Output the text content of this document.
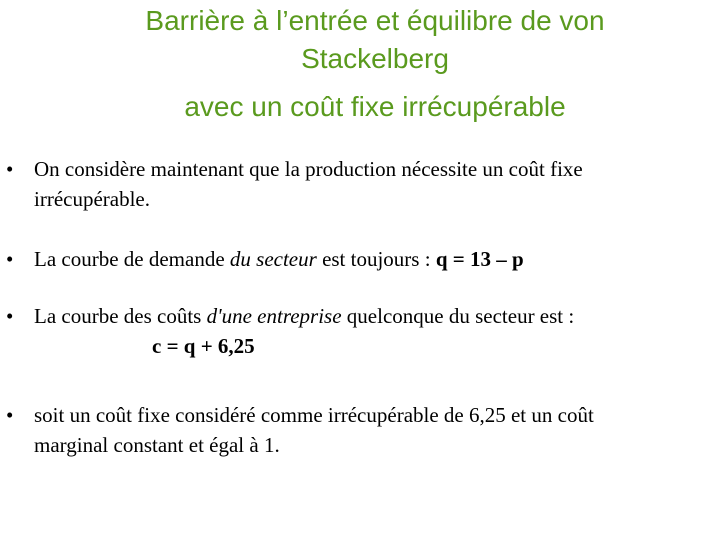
Barrière à l’entrée et équilibre de von
Stackelberg
avec un coût fixe irrécupérable
• On considère maintenant que la production nécessite un coût fixe
irrécupérable.
• La courbe de demande du secteur est toujours : q = 13 – p
• La courbe des coûts d'une entreprise quelconque du secteur est :
c = q + 6,25
• soit un coût fixe considéré comme irrécupérable de 6,25 et un coût
marginal constant et égal à 1.
